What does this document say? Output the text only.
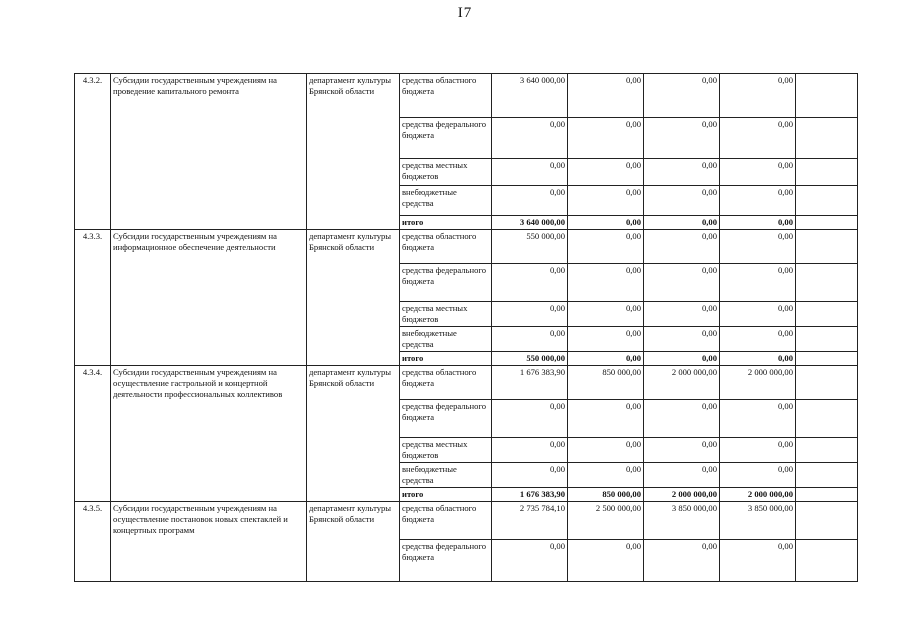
I7
4.3.2.	Субсидии государственным учреждениям на проведение капитального ремонта	департамент культуры Брянской области	средства областного бюджета	3 640 000,00	0,00	0,00	0,00	
			средства федерального бюджета	0,00	0,00	0,00	0,00	
			средства местных бюджетов	0,00	0,00	0,00	0,00	
			внебюджетные средства	0,00	0,00	0,00	0,00	
			итого	3 640 000,00	0,00	0,00	0,00	
4.3.3.	Субсидии государственным учреждениям на информационное обеспечение деятельности	департамент культуры Брянской области	средства областного бюджета	550 000,00	0,00	0,00	0,00	
			средства федерального бюджета	0,00	0,00	0,00	0,00	
			средства местных бюджетов	0,00	0,00	0,00	0,00	
			внебюджетные средства	0,00	0,00	0,00	0,00	
			итого	550 000,00	0,00	0,00	0,00	
4.3.4.	Субсидии государственным учреждениям на осуществление гастрольной и концертной деятельности профессиональных коллективов	департамент культуры Брянской области	средства областного бюджета	1 676 383,90	850 000,00	2 000 000,00	2 000 000,00	
			средства федерального бюджета	0,00	0,00	0,00	0,00	
			средства местных бюджетов	0,00	0,00	0,00	0,00	
			внебюджетные средства	0,00	0,00	0,00	0,00	
			итого	1 676 383,90	850 000,00	2 000 000,00	2 000 000,00	
4.3.5.	Субсидии государственным учреждениям на осуществление постановок новых спектаклей и концертных программ	департамент культуры Брянской области	средства областного бюджета	2 735 784,10	2 500 000,00	3 850 000,00	3 850 000,00	
			средства федерального бюджета	0,00	0,00	0,00	0,00	
